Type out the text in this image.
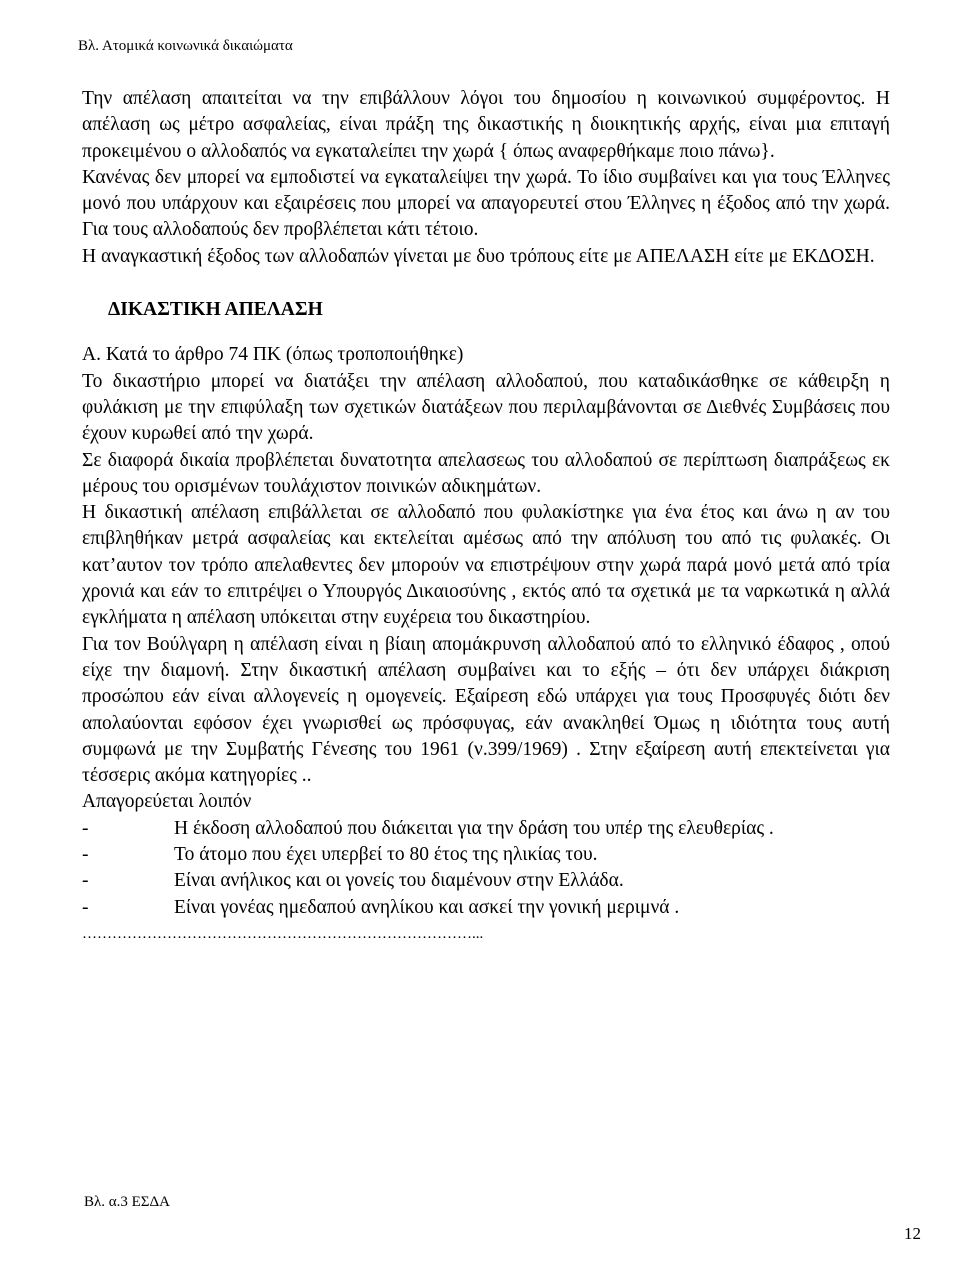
Βλ. Ατομικά κοινωνικά δικαιώματα

Την απέλαση απαιτείται να την επιβάλλουν λόγοι του δημοσίου η κοινωνικού συμφέροντος. Η απέλαση ως μέτρο ασφαλείας, είναι πράξη της δικαστικής η διοικητικής αρχής, είναι μια επιταγή προκειμένου ο αλλοδαπός να εγκαταλείπει την χωρά { όπως αναφερθήκαμε ποιο πάνω}.

Κανένας δεν μπορεί να εμποδιστεί να εγκαταλείψει την χωρά. Το ίδιο συμβαίνει και για τους Έλληνες μονό που υπάρχουν και εξαιρέσεις που μπορεί να απαγορευτεί στου Έλληνες η έξοδος από την χωρά. Για τους αλλοδαπούς δεν προβλέπεται κάτι τέτοιο.

Η αναγκαστική έξοδος των αλλοδαπών γίνεται με δυο τρόπους είτε με ΑΠΕΛΑΣΗ είτε με ΕΚΔΟΣΗ.

ΔΙΚΑΣΤΙΚΗ ΑΠΕΛΑΣΗ

Α. Κατά το άρθρο 74 ΠΚ (όπως τροποποιήθηκε)

Το δικαστήριο μπορεί να διατάξει την απέλαση αλλοδαπού, που καταδικάσθηκε σε κάθειρξη η φυλάκιση με την επιφύλαξη των σχετικών διατάξεων που περιλαμβάνονται σε Διεθνές Συμβάσεις που έχουν κυρωθεί από την χωρά.

Σε διαφορά δικαία προβλέπεται δυνατοτητα απελασεως του αλλοδαπού σε περίπτωση διαπράξεως εκ μέρους του ορισμένων τουλάχιστον ποινικών αδικημάτων.

Η δικαστική απέλαση επιβάλλεται σε αλλοδαπό που φυλακίστηκε για ένα έτος και άνω η αν του επιβληθήκαν μετρά ασφαλείας και εκτελείται αμέσως από την απόλυση του από τις φυλακές. Οι κατ’αυτον τον τρόπο απελαθεντες δεν μπορούν να επιστρέψουν στην χωρά παρά μονό μετά από τρία χρονιά και εάν το επιτρέψει ο Υπουργός Δικαιοσύνης , εκτός από τα σχετικά με τα ναρκωτικά η αλλά εγκλήματα η απέλαση υπόκειται στην ευχέρεια του δικαστηρίου.

Για τον Βούλγαρη η απέλαση είναι η βίαιη απομάκρυνση αλλοδαπού από το ελληνικό έδαφος , οπού είχε την διαμονή. Στην δικαστική απέλαση συμβαίνει και το εξής – ότι δεν υπάρχει διάκριση προσώπου εάν είναι αλλογενείς η ομογενείς. Εξαίρεση εδώ υπάρχει για τους Προσφυγές διότι δεν απολαύονται εφόσον έχει γνωρισθεί ως πρόσφυγας, εάν ανακληθεί Όμως η ιδιότητα τους αυτή συμφωνά με την Συμβατής Γένεσης του 1961 (ν.399/1969) . Στην εξαίρεση αυτή επεκτείνεται για τέσσερις ακόμα κατηγορίες ..

Απαγορεύεται λοιπόν

-	Η έκδοση αλλοδαπού που διάκειται για την δράση του υπέρ της ελευθερίας .
-	Το άτομο που έχει υπερβεί το 80 έτος της ηλικίας του.
-	Είναι ανήλικος και οι γονείς του διαμένουν στην Ελλάδα.
-	Είναι γονέας ημεδαπού ανηλίκου και ασκεί την γονική μεριμνά .
……………………………………………………………………...
Βλ. α.3 ΕΣΔΑ
12
